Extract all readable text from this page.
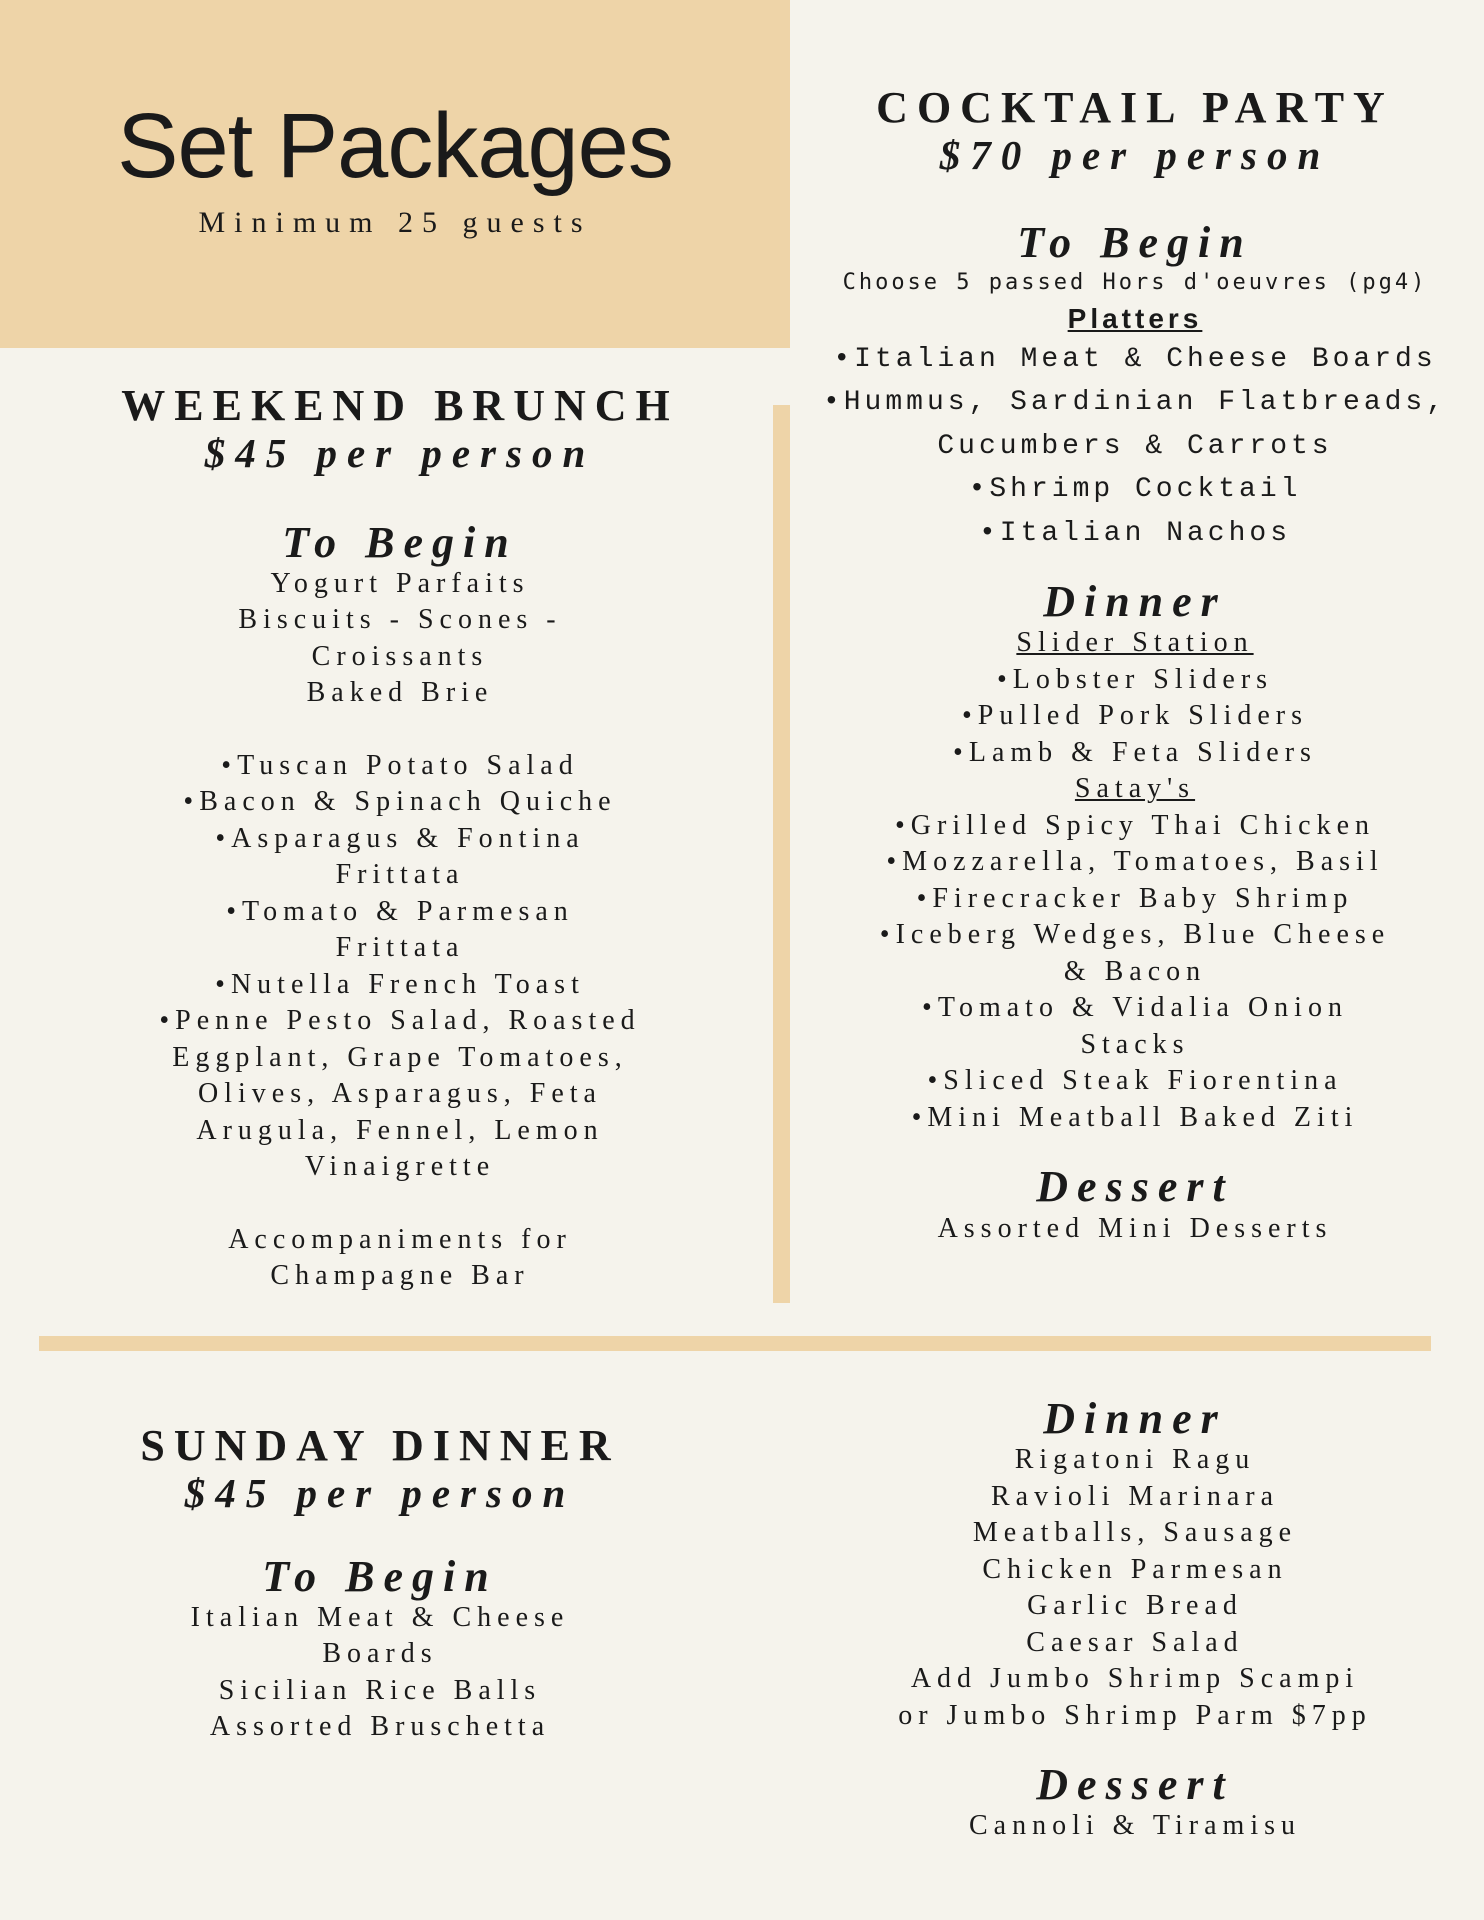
Set Packages
Minimum 25 guests
WEEKEND BRUNCH
$45 per person
To Begin
Yogurt Parfaits
Biscuits - Scones -
Croissants
Baked Brie
•Tuscan Potato Salad
•Bacon & Spinach Quiche
•Asparagus & Fontina
Frittata
•Tomato & Parmesan
Frittata
•Nutella French Toast
•Penne Pesto Salad, Roasted
Eggplant, Grape Tomatoes,
Olives, Asparagus, Feta
Arugula, Fennel, Lemon
Vinaigrette
Accompaniments for
Champagne Bar
COCKTAIL PARTY
$70 per person
To Begin
Choose 5 passed Hors d'oeuvres (pg4)
Platters
•Italian Meat & Cheese Boards
•Hummus, Sardinian Flatbreads,
Cucumbers & Carrots
•Shrimp Cocktail
•Italian Nachos
Dinner
Slider Station
•Lobster Sliders
•Pulled Pork Sliders
•Lamb & Feta Sliders
Satay's
•Grilled Spicy Thai Chicken
•Mozzarella, Tomatoes, Basil
•Firecracker Baby Shrimp
•Iceberg Wedges, Blue Cheese
& Bacon
•Tomato & Vidalia Onion
Stacks
•Sliced Steak Fiorentina
•Mini Meatball Baked Ziti
Dessert
Assorted Mini Desserts
SUNDAY DINNER
$45 per person
To Begin
Italian Meat & Cheese
Boards
Sicilian Rice Balls
Assorted Bruschetta
Dinner
Rigatoni Ragu
Ravioli Marinara
Meatballs, Sausage
Chicken Parmesan
Garlic Bread
Caesar Salad
Add Jumbo Shrimp Scampi
or Jumbo Shrimp Parm $7pp
Dessert
Cannoli & Tiramisu
